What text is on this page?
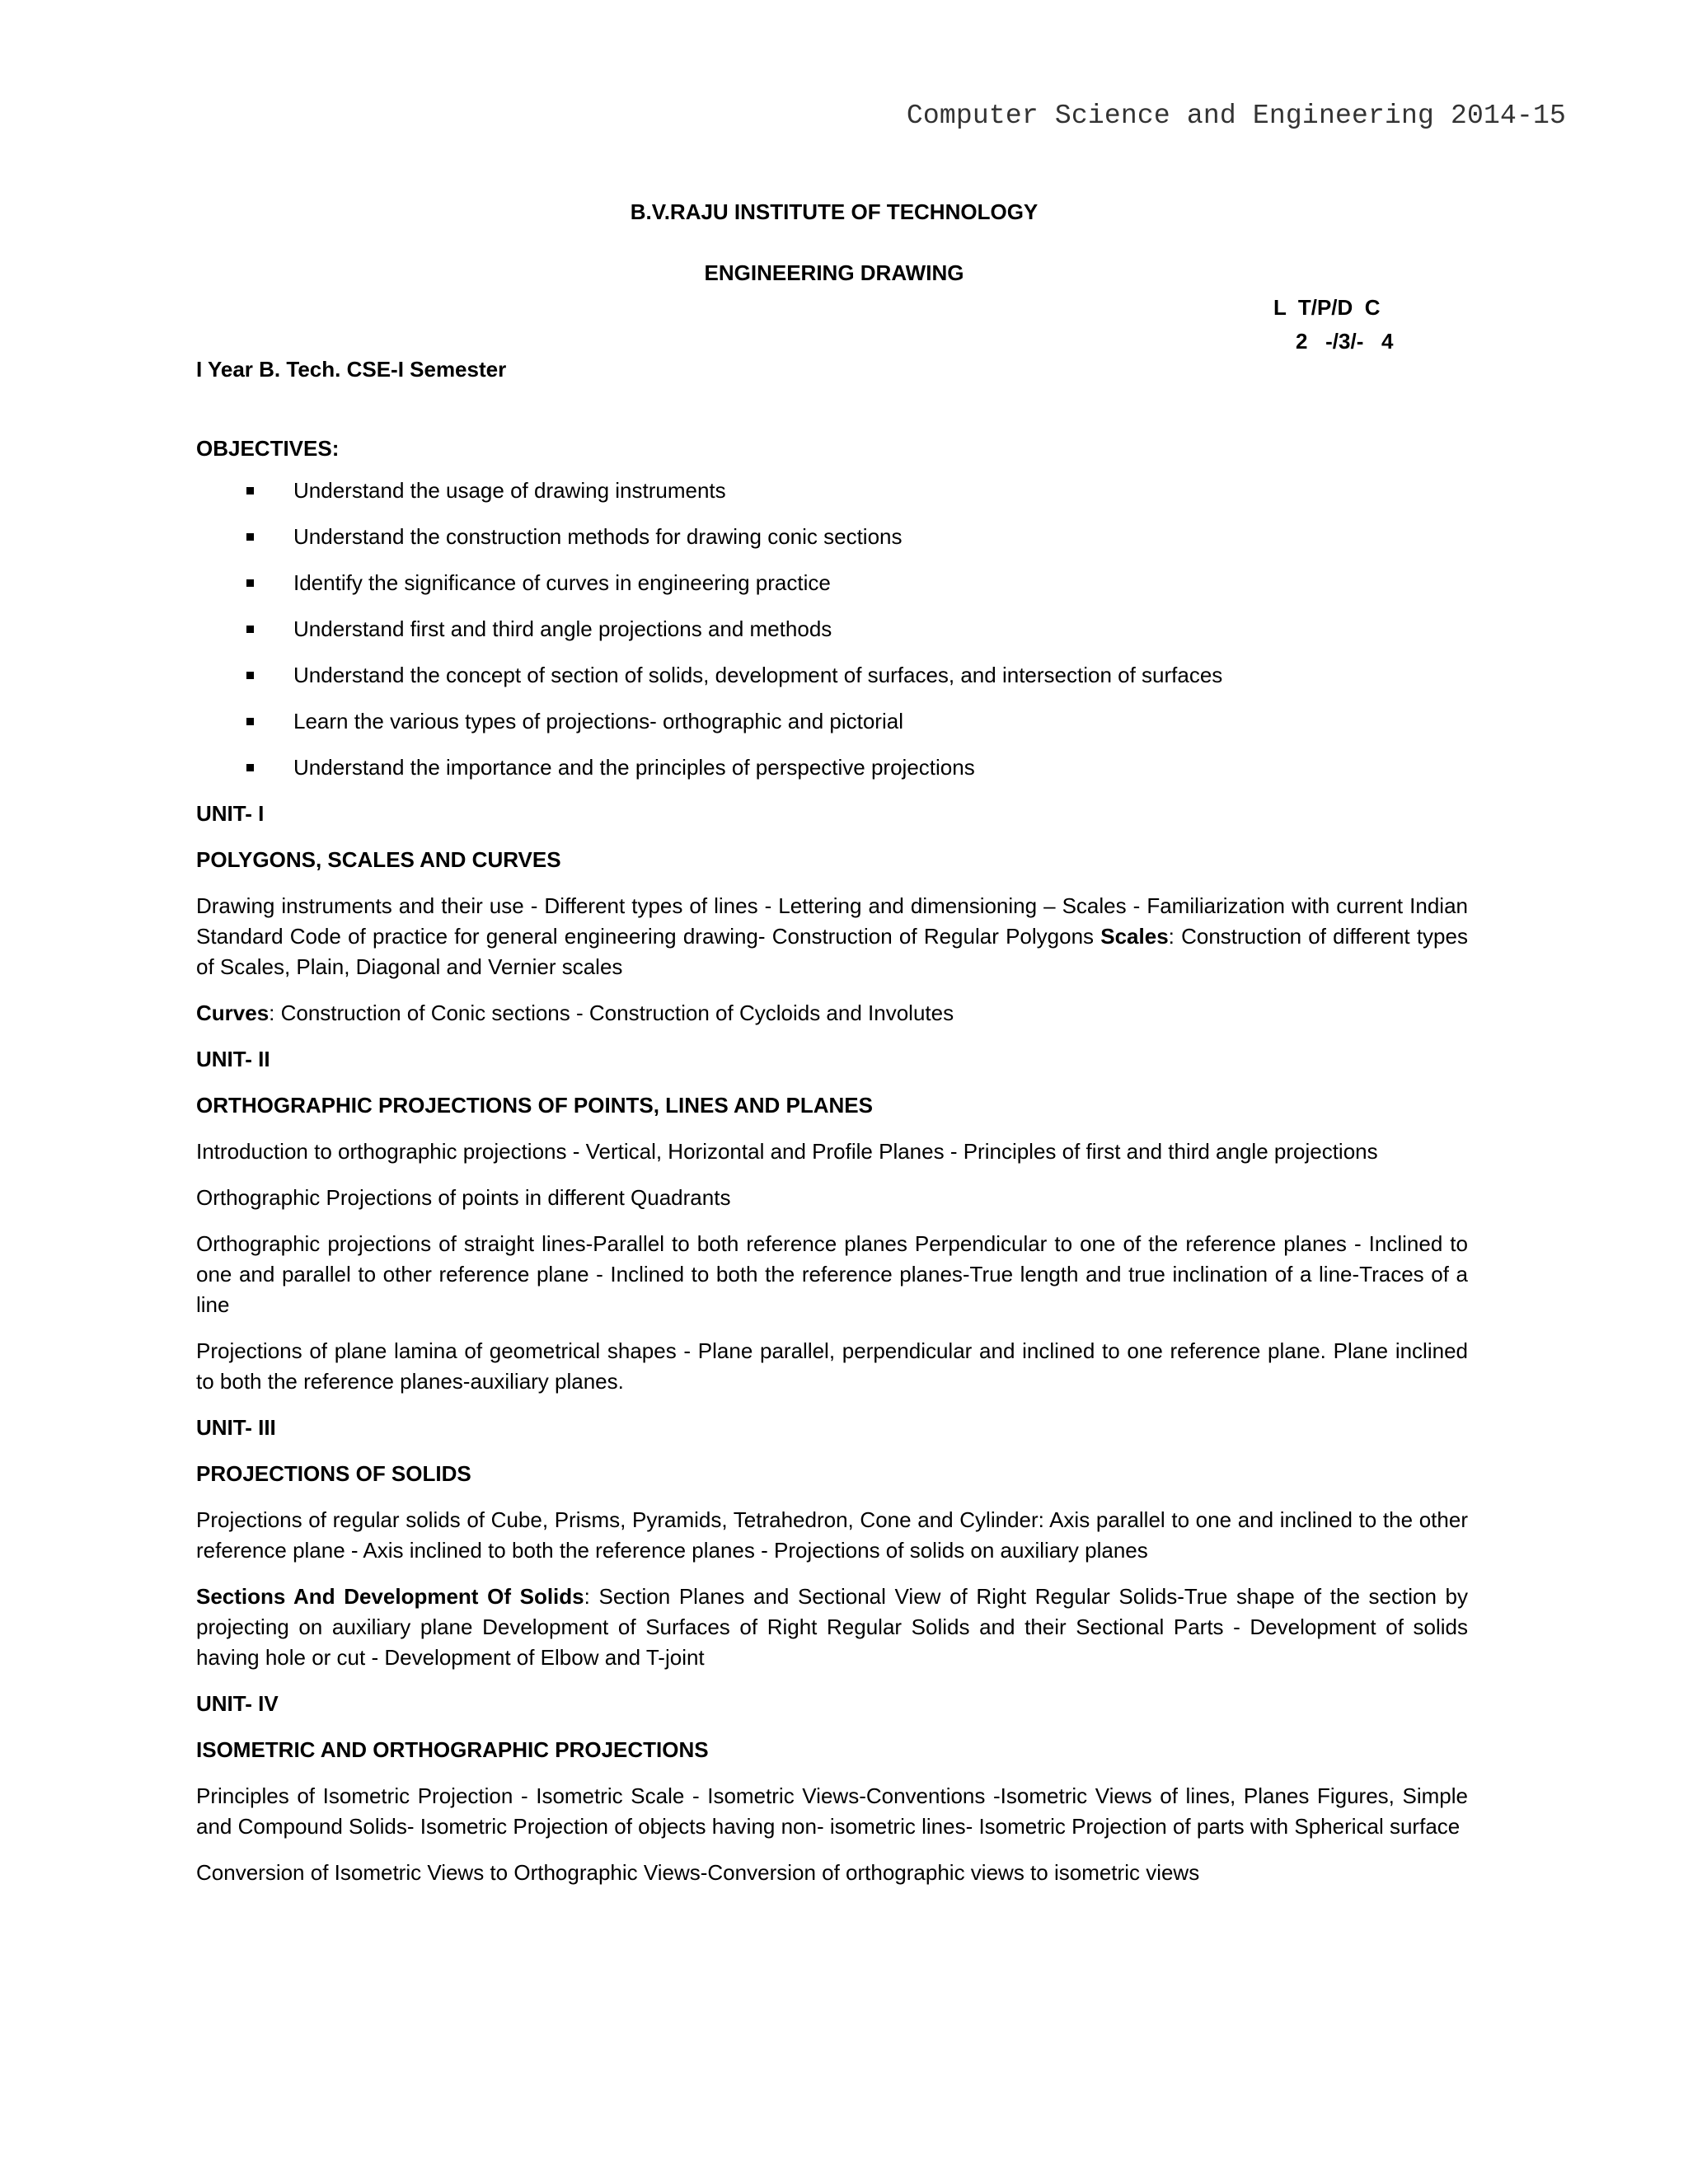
Computer Science and Engineering 2014-15
B.V.RAJU INSTITUTE OF TECHNOLOGY
ENGINEERING DRAWING
L  T/P/D  C
2   -/3/-   4
I Year B. Tech. CSE-I Semester

OBJECTIVES:

Understand the usage of drawing instruments
Understand the construction methods for drawing conic sections
Identify the significance of curves in engineering practice
Understand first and third angle projections and methods
Understand the concept of section of solids, development of surfaces, and intersection of surfaces
Learn the various types of projections- orthographic and pictorial
Understand the importance and the principles of perspective projections

UNIT- I

POLYGONS, SCALES AND CURVES

Drawing instruments and their use - Different types of lines - Lettering and dimensioning – Scales - Familiarization with current Indian Standard Code of practice for general engineering drawing- Construction of Regular Polygons Scales: Construction of different types of Scales, Plain, Diagonal and Vernier scales

Curves: Construction of Conic sections - Construction of Cycloids and Involutes

UNIT- II

ORTHOGRAPHIC PROJECTIONS OF POINTS, LINES AND PLANES

Introduction to orthographic projections - Vertical, Horizontal and Profile Planes - Principles of first and third angle projections

Orthographic Projections of points in different Quadrants

Orthographic projections of straight lines-Parallel to both reference planes Perpendicular to one of the reference planes - Inclined to one and parallel to other reference plane - Inclined to both the reference planes-True length and true inclination of a line-Traces of a line

Projections of plane lamina of geometrical shapes - Plane parallel, perpendicular and inclined to one reference plane. Plane inclined to both the reference planes-auxiliary planes.

UNIT- III

PROJECTIONS OF SOLIDS

Projections of regular solids of Cube, Prisms, Pyramids, Tetrahedron, Cone and Cylinder: Axis parallel to one and inclined to the other reference plane - Axis inclined to both the reference planes - Projections of solids on auxiliary planes

Sections And Development Of Solids: Section Planes and Sectional View of Right Regular Solids-True shape of the section by projecting on auxiliary plane Development of Surfaces of Right Regular Solids and their Sectional Parts - Development of solids having hole or cut - Development of Elbow and T-joint

UNIT- IV

ISOMETRIC AND ORTHOGRAPHIC PROJECTIONS

Principles of Isometric Projection - Isometric Scale - Isometric Views-Conventions -Isometric Views of lines, Planes Figures, Simple and Compound Solids- Isometric Projection of objects having non- isometric lines- Isometric Projection of parts with Spherical surface

Conversion of Isometric Views to Orthographic Views-Conversion of orthographic views to isometric views
